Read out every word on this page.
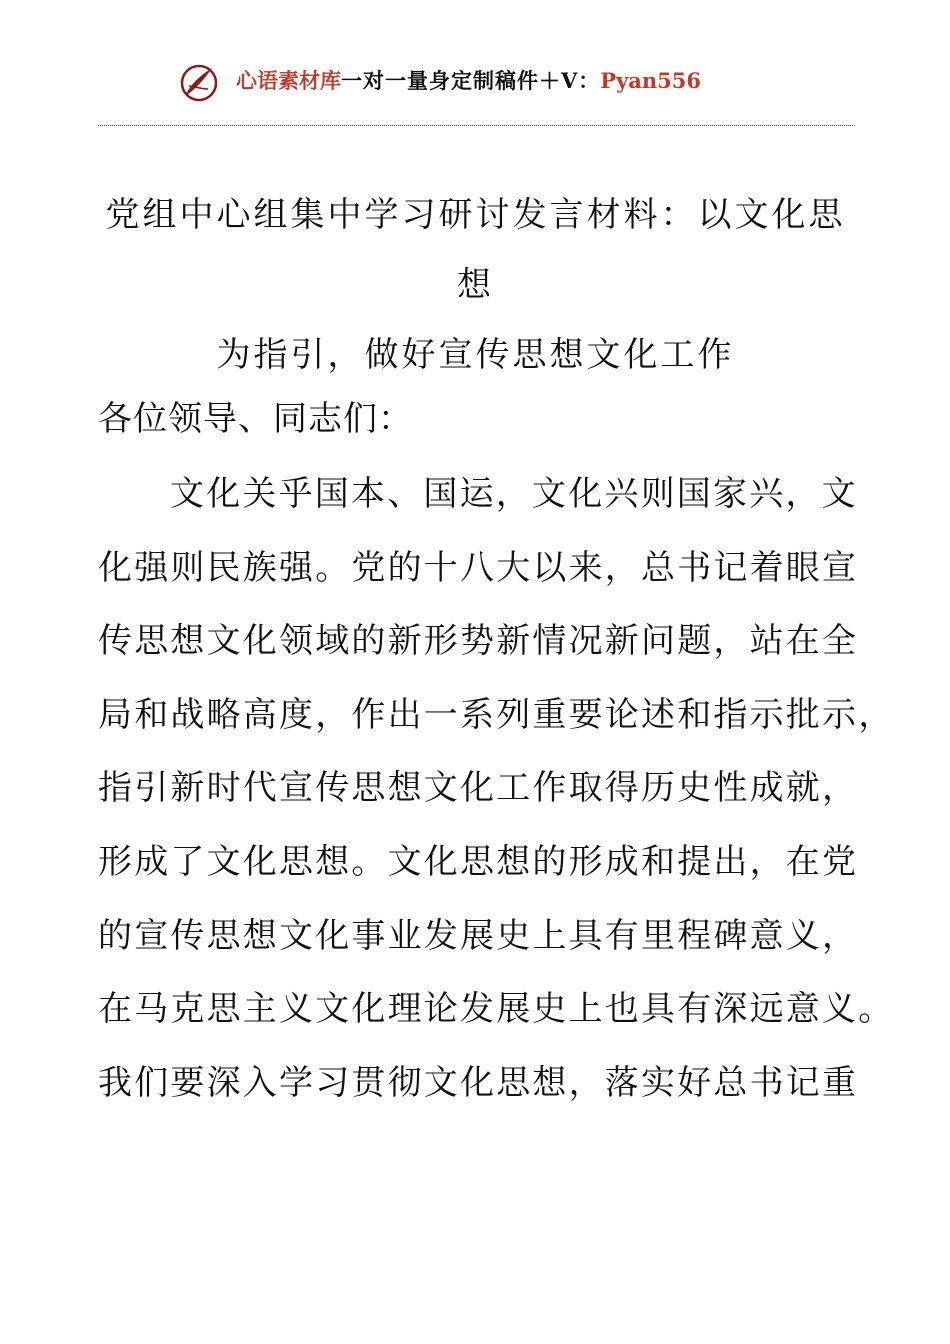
心语素材库一对一量身定制稿件＋V：Pyan556
党组中心组集中学习研讨发言材料：以文化思想
为指引，做好宣传思想文化工作

各位领导、同志们：

文化关乎国本、国运，文化兴则国家兴，文
化强则民族强。党的十八大以来，总书记着眼宣
传思想文化领域的新形势新情况新问题，站在全
局和战略高度，作出一系列重要论述和指示批示，
指引新时代宣传思想文化工作取得历史性成就，
形成了文化思想。文化思想的形成和提出，在党
的宣传思想文化事业发展史上具有里程碑意义，
在马克思主义文化理论发展史上也具有深远意义。
我们要深入学习贯彻文化思想，落实好总书记重
